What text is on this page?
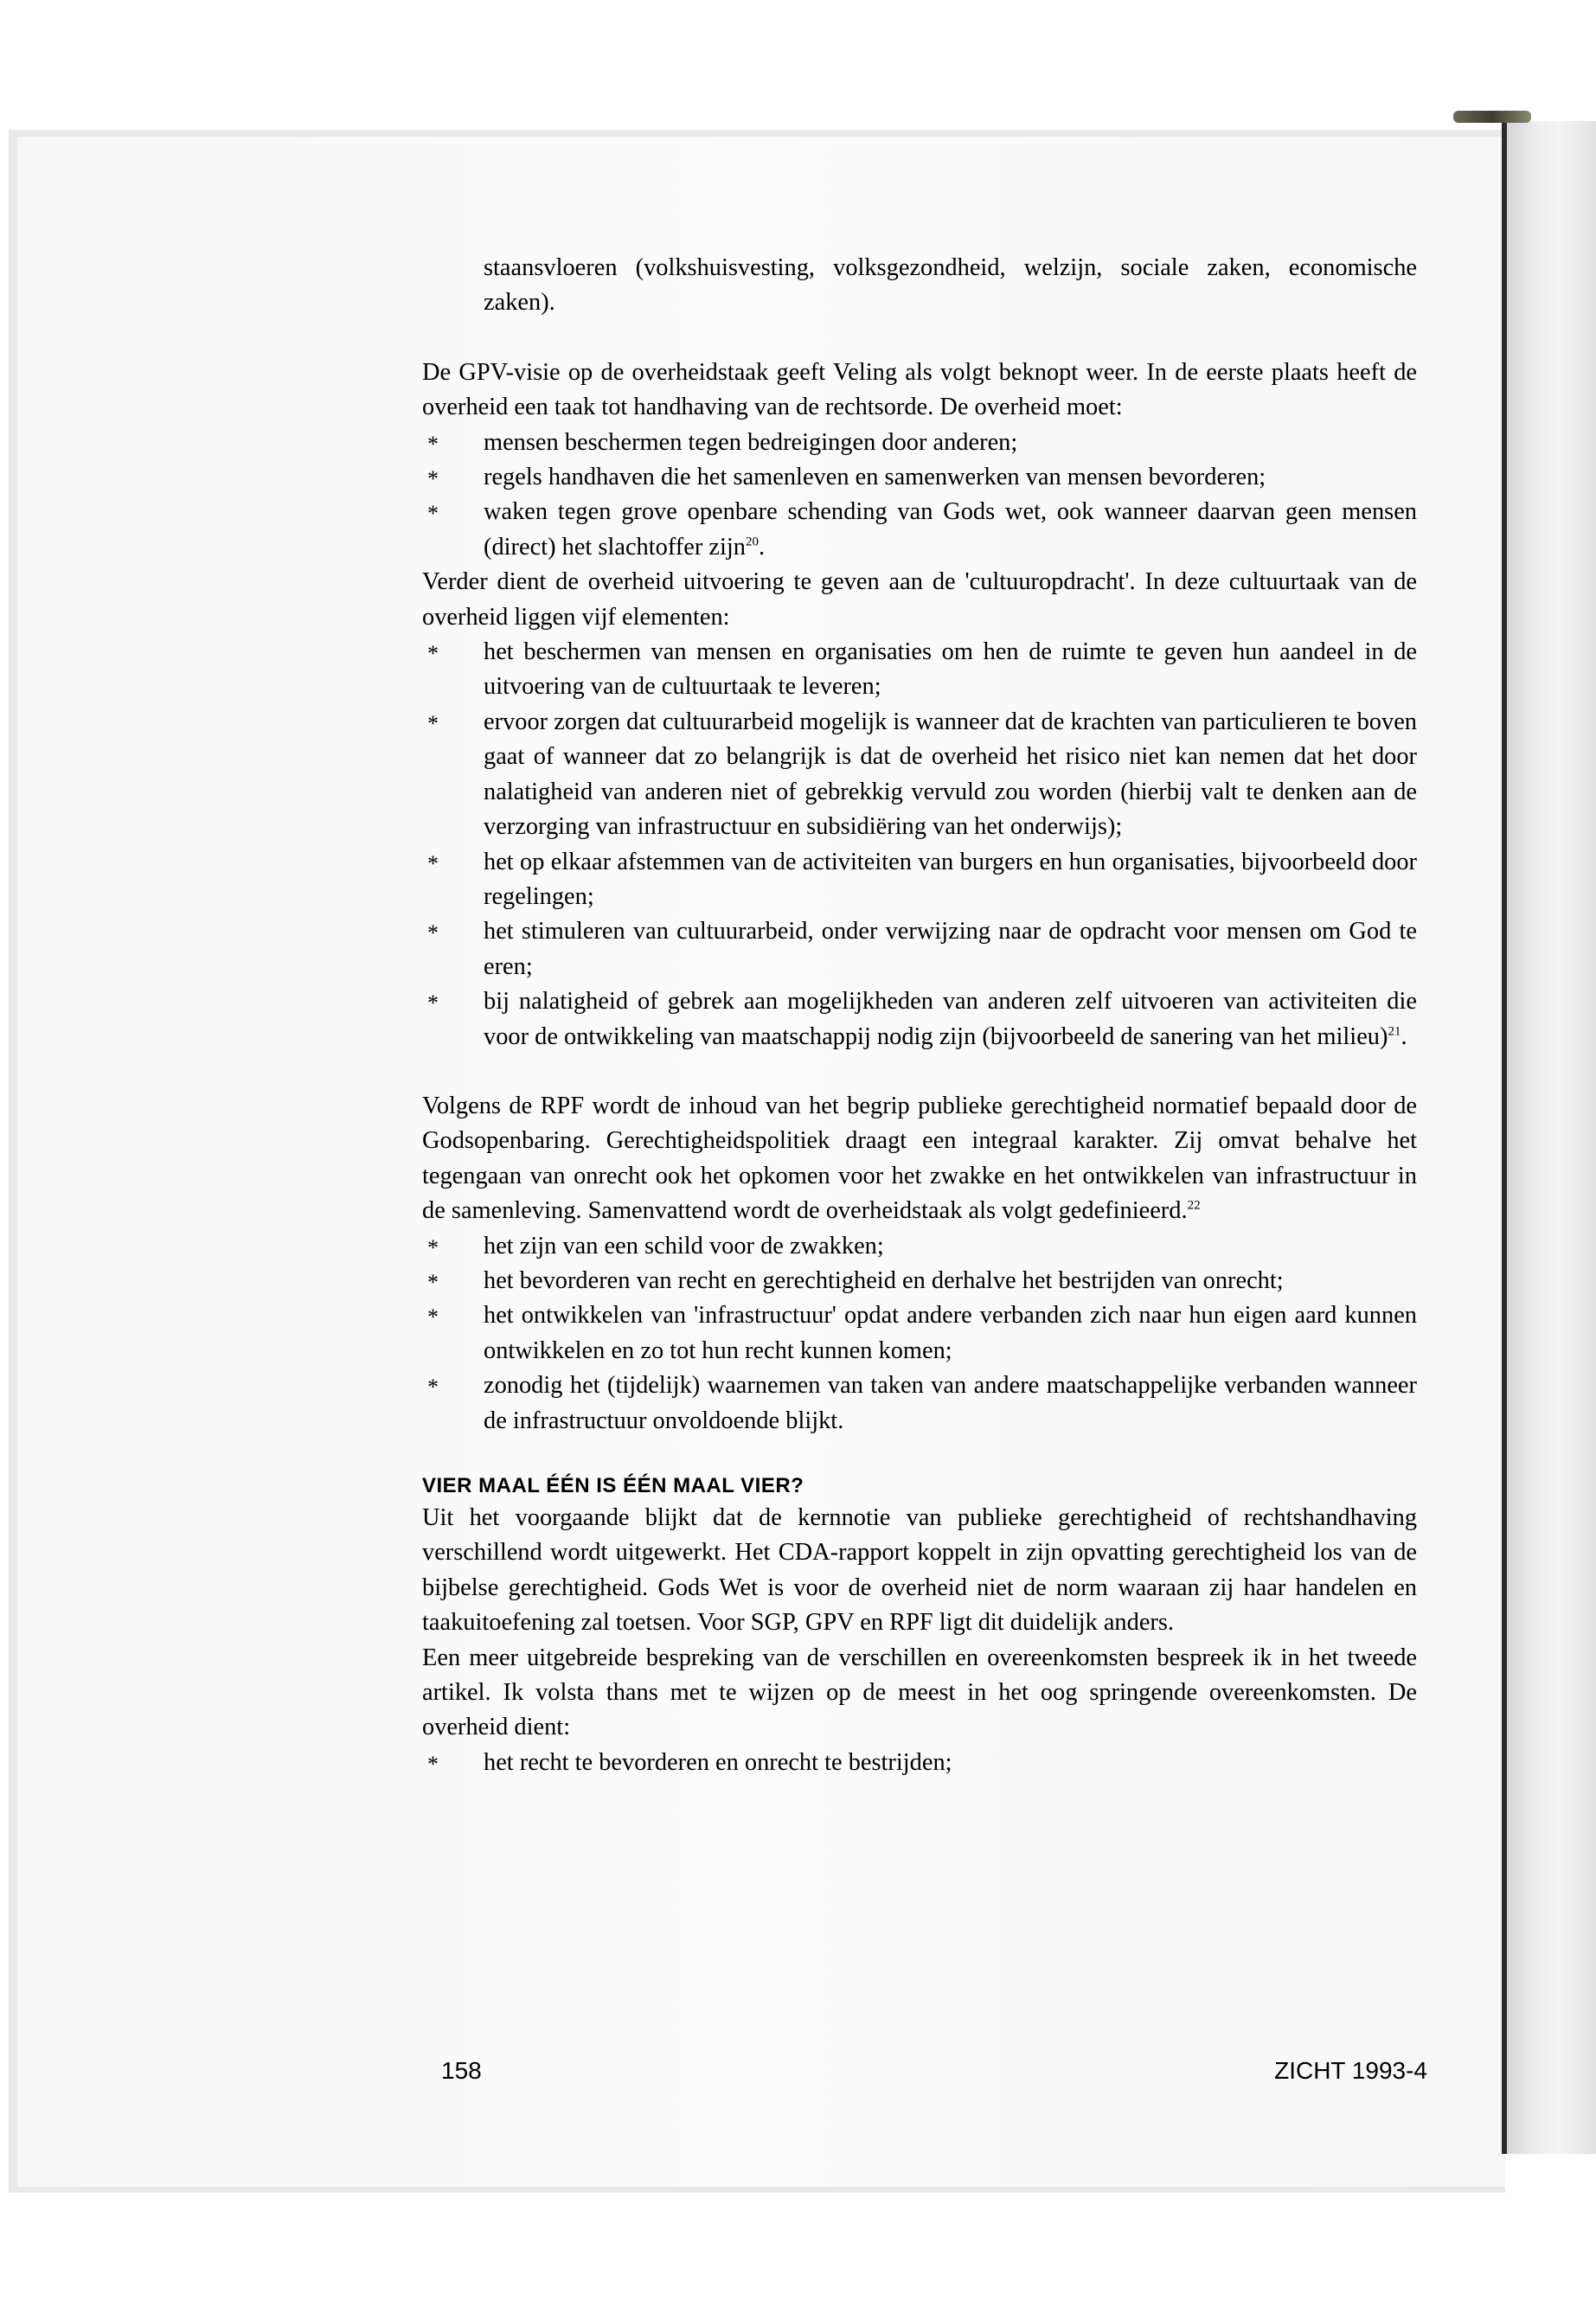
staansvloeren (volkshuisvesting, volksgezondheid, welzijn, sociale zaken, economische zaken).

De GPV-visie op de overheidstaak geeft Veling als volgt beknopt weer. In de eerste plaats heeft de overheid een taak tot handhaving van de rechtsorde. De overheid moet:

* mensen beschermen tegen bedreigingen door anderen;
* regels handhaven die het samenleven en samenwerken van mensen bevorderen;
* waken tegen grove openbare schending van Gods wet, ook wanneer daarvan geen mensen (direct) het slachtoffer zijn$^{20}$.

Verder dient de overheid uitvoering te geven aan de 'cultuuropdracht'. In deze cultuurtaak van de overheid liggen vijf elementen:

* het beschermen van mensen en organisaties om hen de ruimte te geven hun aandeel in de uitvoering van de cultuurtaak te leveren;
* ervoor zorgen dat cultuurarbeid mogelijk is wanneer dat de krachten van particulieren te boven gaat of wanneer dat zo belangrijk is dat de overheid het risico niet kan nemen dat het door nalatigheid van anderen niet of gebrekkig vervuld zou worden (hierbij valt te denken aan de verzorging van infrastructuur en subsidiëring van het onderwijs);
* het op elkaar afstemmen van de activiteiten van burgers en hun organisaties, bijvoorbeeld door regelingen;
* het stimuleren van cultuurarbeid, onder verwijzing naar de opdracht voor mensen om God te eren;
* bij nalatigheid of gebrek aan mogelijkheden van anderen zelf uitvoeren van activiteiten die voor de ontwikkeling van maatschappij nodig zijn (bijvoorbeeld de sanering van het milieu)$^{21}$.

Volgens de RPF wordt de inhoud van het begrip publieke gerechtigheid normatief bepaald door de Godsopenbaring. Gerechtigheidspolitiek draagt een integraal karakter. Zij omvat behalve het tegengaan van onrecht ook het opkomen voor het zwakke en het ontwikkelen van infrastructuur in de samenleving. Samenvattend wordt de overheidstaak als volgt gedefinieerd.$^{22}$

* het zijn van een schild voor de zwakken;
* het bevorderen van recht en gerechtigheid en derhalve het bestrijden van onrecht;
* het ontwikkelen van 'infrastructuur' opdat andere verbanden zich naar hun eigen aard kunnen ontwikkelen en zo tot hun recht kunnen komen;
* zonodig het (tijdelijk) waarnemen van taken van andere maatschappelijke verbanden wanneer de infrastructuur onvoldoende blijkt.
VIER MAAL ÉÉN IS ÉÉN MAAL VIER?

Uit het voorgaande blijkt dat de kernnotie van publieke gerechtigheid of rechtshandhaving verschillend wordt uitgewerkt. Het CDA-rapport koppelt in zijn opvatting gerechtigheid los van de bijbelse gerechtigheid. Gods Wet is voor de overheid niet de norm waaraan zij haar handelen en taakuitoefening zal toetsen. Voor SGP, GPV en RPF ligt dit duidelijk anders.

Een meer uitgebreide bespreking van de verschillen en overeenkomsten bespreek ik in het tweede artikel. Ik volsta thans met te wijzen op de meest in het oog springende overeenkomsten. De overheid dient:

* het recht te bevorderen en onrecht te bestrijden;
158	ZICHT 1993-4
